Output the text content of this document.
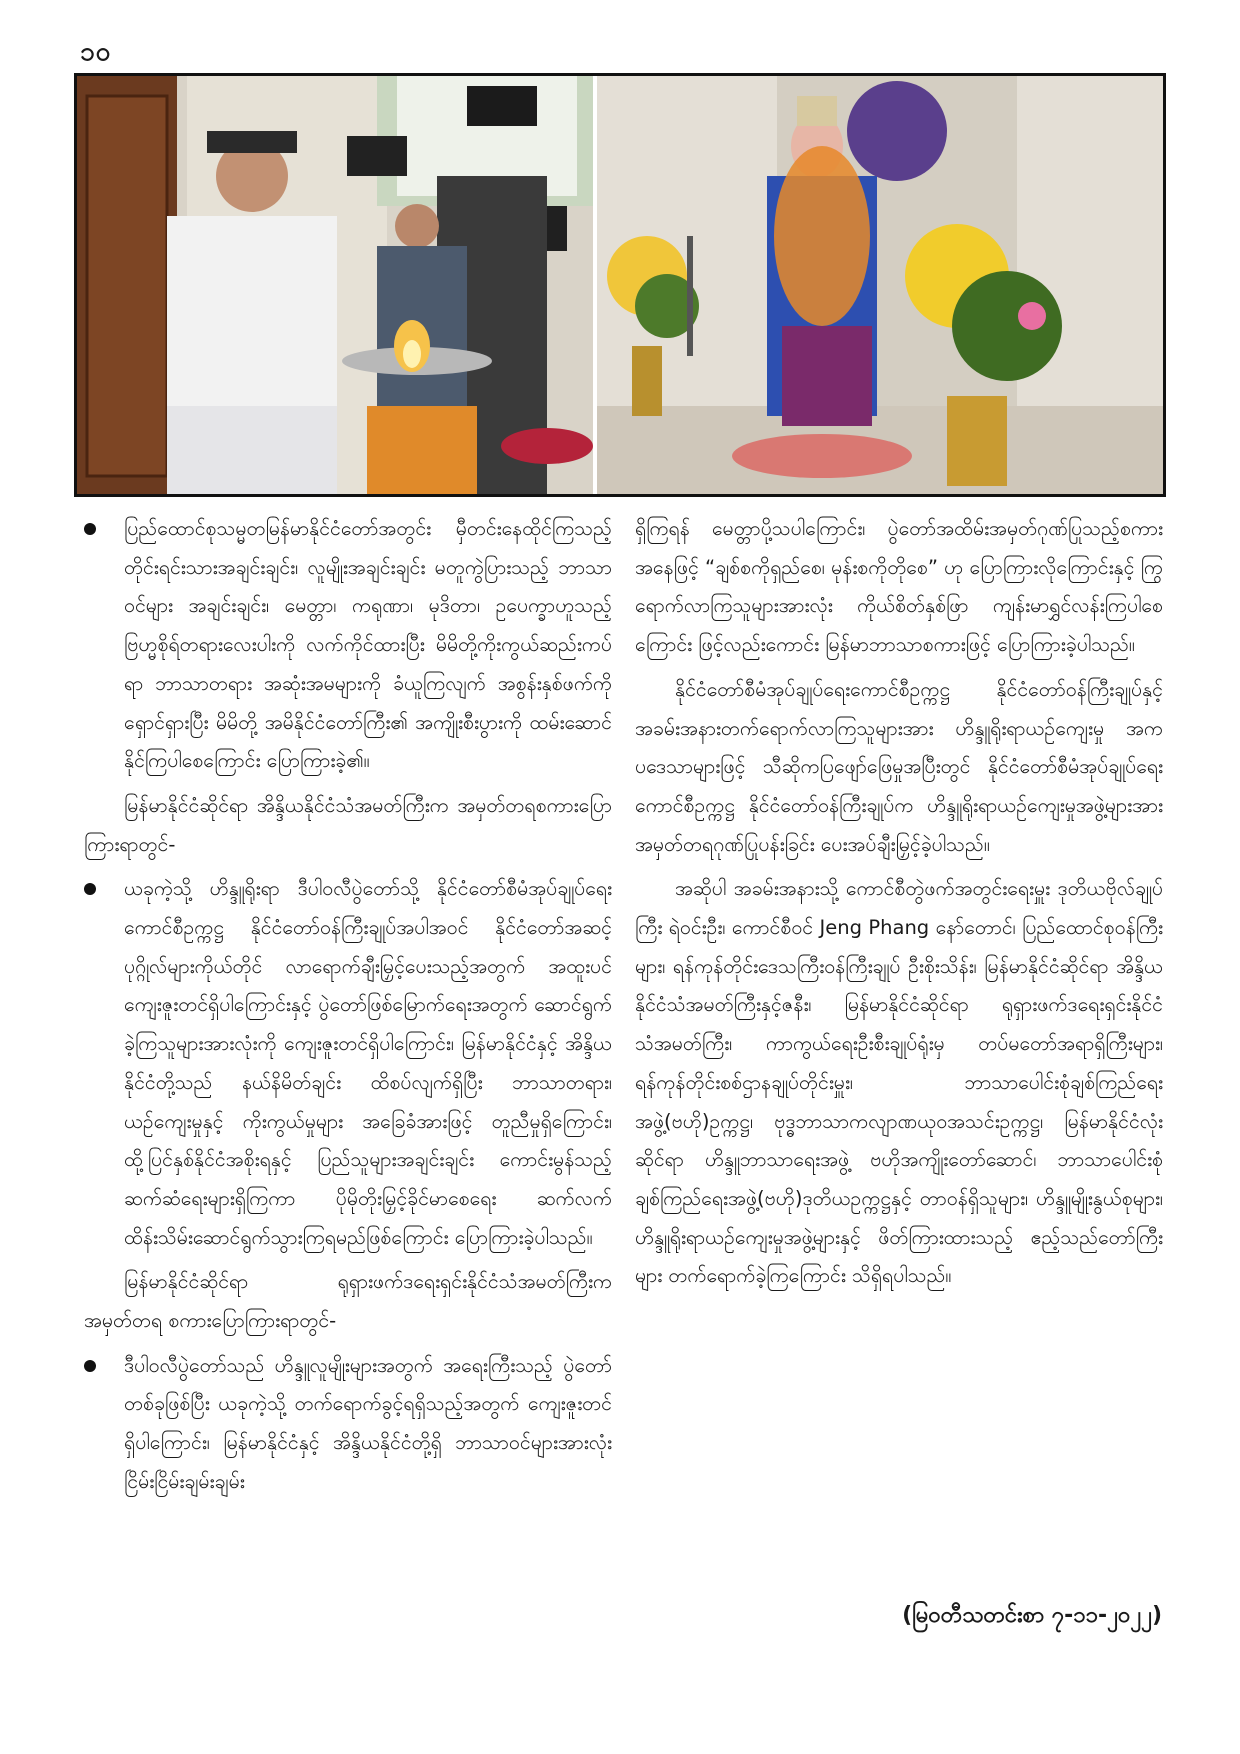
၁၀
ပြည်ထောင်စုသမ္မတမြန်မာနိုင်ငံတော်အတွင်း မှီတင်းနေထိုင်ကြသည့် တိုင်းရင်းသားအချင်းချင်း၊ လူမျိုးအချင်းချင်း မတူကွဲပြားသည့် ဘာသာဝင်များ အချင်းချင်း၊ မေတ္တာ၊ ကရုဏာ၊ မုဒိတာ၊ ဥပေက္ခာဟူသည့် ဗြဟ္မစိုရ်တရားလေးပါးကို လက်ကိုင်ထားပြီး မိမိတို့ကိုးကွယ်ဆည်းကပ်ရာ ဘာသာတရား အဆုံးအမများကို ခံယူကြလျက် အစွန်းနှစ်ဖက်ကို ရှောင်ရှားပြီး မိမိတို့ အမိနိုင်ငံတော်ကြီး၏ အကျိုးစီးပွားကို ထမ်းဆောင်နိုင်ကြပါစေကြောင်း ပြောကြားခဲ့၏။

မြန်မာနိုင်ငံဆိုင်ရာ အိန္ဒိယနိုင်ငံသံအမတ်ကြီးက အမှတ်တရစကားပြောကြားရာတွင်-

ယခုကဲ့သို့ ဟိန္ဒူရိုးရာ ဒီပါဝလီပွဲတော်သို့ နိုင်ငံတော်စီမံအုပ်ချုပ်ရေးကောင်စီဥက္ကဋ္ဌ နိုင်ငံတော်ဝန်ကြီးချုပ်အပါအဝင် နိုင်ငံတော်အဆင့်ပုဂ္ဂိုလ်များကိုယ်တိုင် လာရောက်ချီးမြှင့်ပေးသည့်အတွက် အထူးပင်ကျေးဇူးတင်ရှိပါကြောင်းနှင့် ပွဲတော်ဖြစ်မြောက်ရေးအတွက် ဆောင်ရွက်ခဲ့ကြသူများအားလုံးကို ကျေးဇူးတင်ရှိပါကြောင်း၊ မြန်မာနိုင်ငံနှင့် အိန္ဒိယနိုင်ငံတို့သည် နယ်နိမိတ်ချင်း ထိစပ်လျက်ရှိပြီး ဘာသာတရား၊ ယဉ်ကျေးမှုနှင့် ကိုးကွယ်မှုများ အခြေခံအားဖြင့် တူညီမှုရှိကြောင်း၊ ထို့ပြင်နှစ်နိုင်ငံအစိုးရနှင့် ပြည်သူများအချင်းချင်း ကောင်းမွန်သည့် ဆက်ဆံရေးများရှိကြကာ ပိုမိုတိုးမြှင့်ခိုင်မာစေရေး ဆက်လက်ထိန်းသိမ်းဆောင်ရွက်သွားကြရမည်ဖြစ်ကြောင်း ပြောကြားခဲ့ပါသည်။

မြန်မာနိုင်ငံဆိုင်ရာ ရုရှားဖက်ဒရေးရှင်းနိုင်ငံသံအမတ်ကြီးက အမှတ်တရ စကားပြောကြားရာတွင်-

ဒီပါဝလီပွဲတော်သည် ဟိန္ဒူလူမျိုးများအတွက် အရေးကြီးသည့် ပွဲတော်တစ်ခုဖြစ်ပြီး ယခုကဲ့သို့ တက်ရောက်ခွင့်ရရှိသည့်အတွက် ကျေးဇူးတင်ရှိပါကြောင်း၊ မြန်မာနိုင်ငံနှင့် အိန္ဒိယနိုင်ငံတို့ရှိ ဘာသာဝင်များအားလုံး ငြိမ်းငြိမ်းချမ်းချမ်း

ရှိကြရန် မေတ္တာပို့သပါကြောင်း၊ ပွဲတော်အထိမ်းအမှတ်ဂုဏ်ပြုသည့်စကားအနေဖြင့် “ချစ်စကိုရှည်စေ၊ မုန်းစကိုတိုစေ” ဟု ပြောကြားလိုကြောင်းနှင့် ကြွရောက်လာကြသူများအားလုံး ကိုယ်စိတ်နှစ်ဖြာ ကျန်းမာရွှင်လန်းကြပါစေကြောင်း ဖြင့်လည်းကောင်း မြန်မာဘာသာစကားဖြင့် ပြောကြားခဲ့ပါသည်။

နိုင်ငံတော်စီမံအုပ်ချုပ်ရေးကောင်စီဥက္ကဋ္ဌ နိုင်ငံတော်ဝန်ကြီးချုပ်နှင့် အခမ်းအနားတက်ရောက်လာကြသူများအား ဟိန္ဒူရိုးရာယဉ်ကျေးမှု အကပဒေသာများဖြင့် သီဆိုကပြဖျော်ဖြေမှုအပြီးတွင် နိုင်ငံတော်စီမံအုပ်ချုပ်ရေးကောင်စီဥက္ကဋ္ဌ နိုင်ငံတော်ဝန်ကြီးချုပ်က ဟိန္ဒူရိုးရာယဉ်ကျေးမှုအဖွဲ့များအား အမှတ်တရဂုဏ်ပြုပန်းခြင်း ပေးအပ်ချီးမြှင့်ခဲ့ပါသည်။

အဆိုပါ အခမ်းအနားသို့ ကောင်စီတွဲဖက်အတွင်းရေးမှူး ဒုတိယဗိုလ်ချုပ်ကြီး ရဲဝင်းဦး၊ ကောင်စီဝင် Jeng Phang နော်တောင်၊ ပြည်ထောင်စုဝန်ကြီးများ၊ ရန်ကုန်တိုင်းဒေသကြီးဝန်ကြီးချုပ် ဦးစိုးသိန်း၊ မြန်မာနိုင်ငံဆိုင်ရာ အိန္ဒိယနိုင်ငံသံအမတ်ကြီးနှင့်ဇနီး၊ မြန်မာနိုင်ငံဆိုင်ရာ ရုရှားဖက်ဒရေးရှင်းနိုင်ငံ သံအမတ်ကြီး၊ ကာကွယ်ရေးဦးစီးချုပ်ရုံးမှ တပ်မတော်အရာရှိကြီးများ၊ ရန်ကုန်တိုင်းစစ်ဌာနချုပ်တိုင်းမှူး၊ ဘာသာပေါင်းစုံချစ်ကြည်ရေးအဖွဲ့(ဗဟို)ဥက္ကဋ္ဌ၊ ဗုဒ္ဓဘာသာကလျာဏယုဝအသင်းဥက္ကဋ္ဌ၊ မြန်မာနိုင်ငံလုံးဆိုင်ရာ ဟိန္ဒူဘာသာရေးအဖွဲ့ ဗဟိုအကျိုးတော်ဆောင်၊ ဘာသာပေါင်းစုံချစ်ကြည်ရေးအဖွဲ့(ဗဟို)ဒုတိယဥက္ကဋ္ဌနှင့် တာဝန်ရှိသူများ၊ ဟိန္ဒူမျိုးနွယ်စုများ၊ ဟိန္ဒူရိုးရာယဉ်ကျေးမှုအဖွဲ့များနှင့် ဖိတ်ကြားထားသည့် ဧည့်သည်တော်ကြီးများ တက်ရောက်ခဲ့ကြကြောင်း သိရှိရပါသည်။

(မြဝတီသတင်းစာ ၇-၁၁-၂၀၂၂)
